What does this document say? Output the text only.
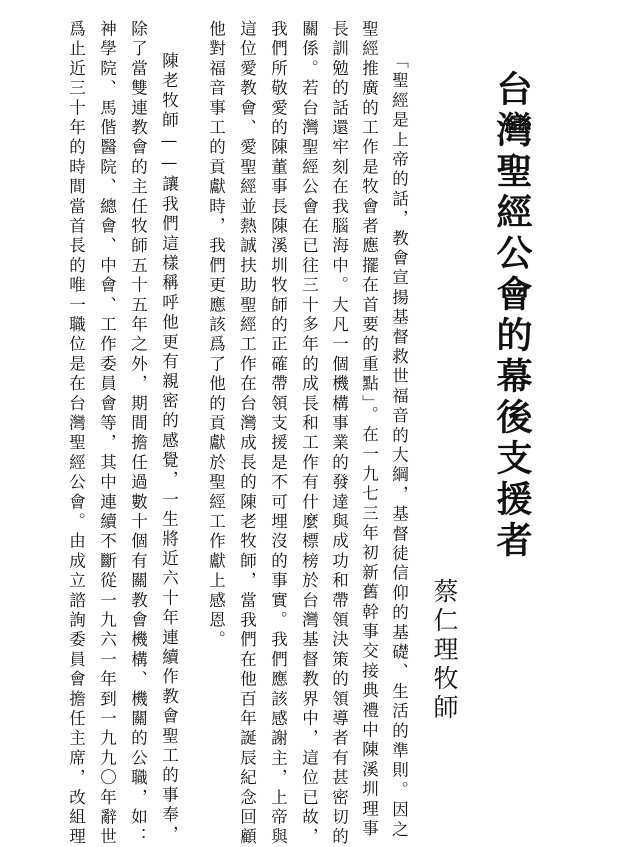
台灣聖經公會的幕後支援者
蔡仁理牧師
「聖經是上帝的話，教會宣揚基督救世福音的大綱，基督徒信仰的基礎、生活的準則。因之
聖經推廣的工作是牧會者應擺在首要的重點」。在一九七三年初新舊幹事交接典禮中陳溪圳理事
長訓勉的話還牢刻在我腦海中。大凡一個機構事業的發達與成功和帶領決策的領導者有甚密切的
關係。若台灣聖經公會在已往三十多年的成長和工作有什麼標榜於台灣基督教界中，這位已故，
我們所敬愛的陳董事長陳溪圳牧師的正確帶領支援是不可埋沒的事實。我們應該感謝主，上帝與
這位愛教會、愛聖經並熱誠扶助聖經工作在台灣成長的陳老牧師，當我們在他百年誕辰紀念回顧
他對福音事工的貢獻時，我們更應該爲了他的貢獻於聖經工作獻上感恩。
陳老牧師——讓我們這樣稱呼他更有親密的感覺，一生將近六十年連續作教會聖工的事奉，
除了當雙連教會的主任牧師五十五年之外，期間擔任過數十個有關教會機構、機關的公職，如：
神學院、馬偕醫院、總會、中會、工作委員會等，其中連續不斷從一九六一年到一九九〇年辭世
爲止近三十年的時間當首長的唯一職位是在台灣聖經公會。由成立諮詢委員會擔任主席，改組理
